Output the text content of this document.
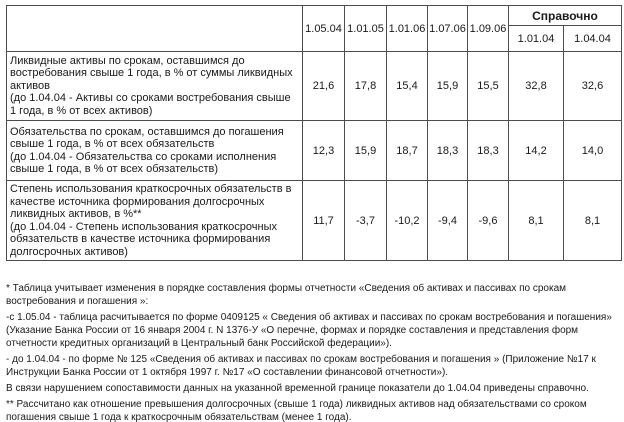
	1.05.04	1.01.05	1.01.06	1.07.06	1.09.06	Справочно	
						1.01.04	1.04.04

Ликвидные активы по срокам, оставшимся до востребования свыше 1 года, в % от суммы ликвидных активов
(до 1.04.04 - Активы со сроками востребования свыше 1 года, в % от всех активов)	21,6	17,8	15,4	15,9	15,5	32,8	32,6

Обязательства по срокам, оставшимся до погашения свыше 1 года, в % от всех обязательств
(до 1.04.04 - Обязательства со сроками исполнения свыше 1 года, в % от всех обязательств)	12,3	15,9	18,7	18,3	18,3	14,2	14,0

Степень использования краткосрочных обязательств в качестве источника формирования долгосрочных ликвидных активов, в %**
(до 1.04.04 - Степень использования краткосрочных обязательств в качестве источника формирования долгосрочных активов)	11,7	-3,7	-10,2	-9,4	-9,6	8,1	8,1

* Таблица учитывает изменения в порядке составления формы отчетности «Сведения об активах и пассивах по срокам востребования и погашения »:

-с 1.05.04 - таблица расчитывается по форме 0409125 « Сведения об активах и пассивах по срокам востребования и погашения» (Указание Банка России от 16 января 2004 г. N 1376-У «О перечне, формах и порядке составления и представления форм отчетности кредитных организаций в Центральный банк Российской федерации»).

- до 1.04.04 - по форме № 125 «Сведения об активах и пассивах по срокам востребования и погашения » (Приложение №17 к Инструкции Банка России от 1 октября 1997 г. №17 «О составлении финансовой отчетности»).

В связи нарушением сопоставимости данных на указанной временной границе показатели до 1.04.04 приведены справочно.

** Рассчитано как отношение превышения долгосрочных (свыше 1 года) ликвидных активов над обязательствами со сроком погашения свыше 1 года к краткосрочным обязательствам (менее 1 года).
